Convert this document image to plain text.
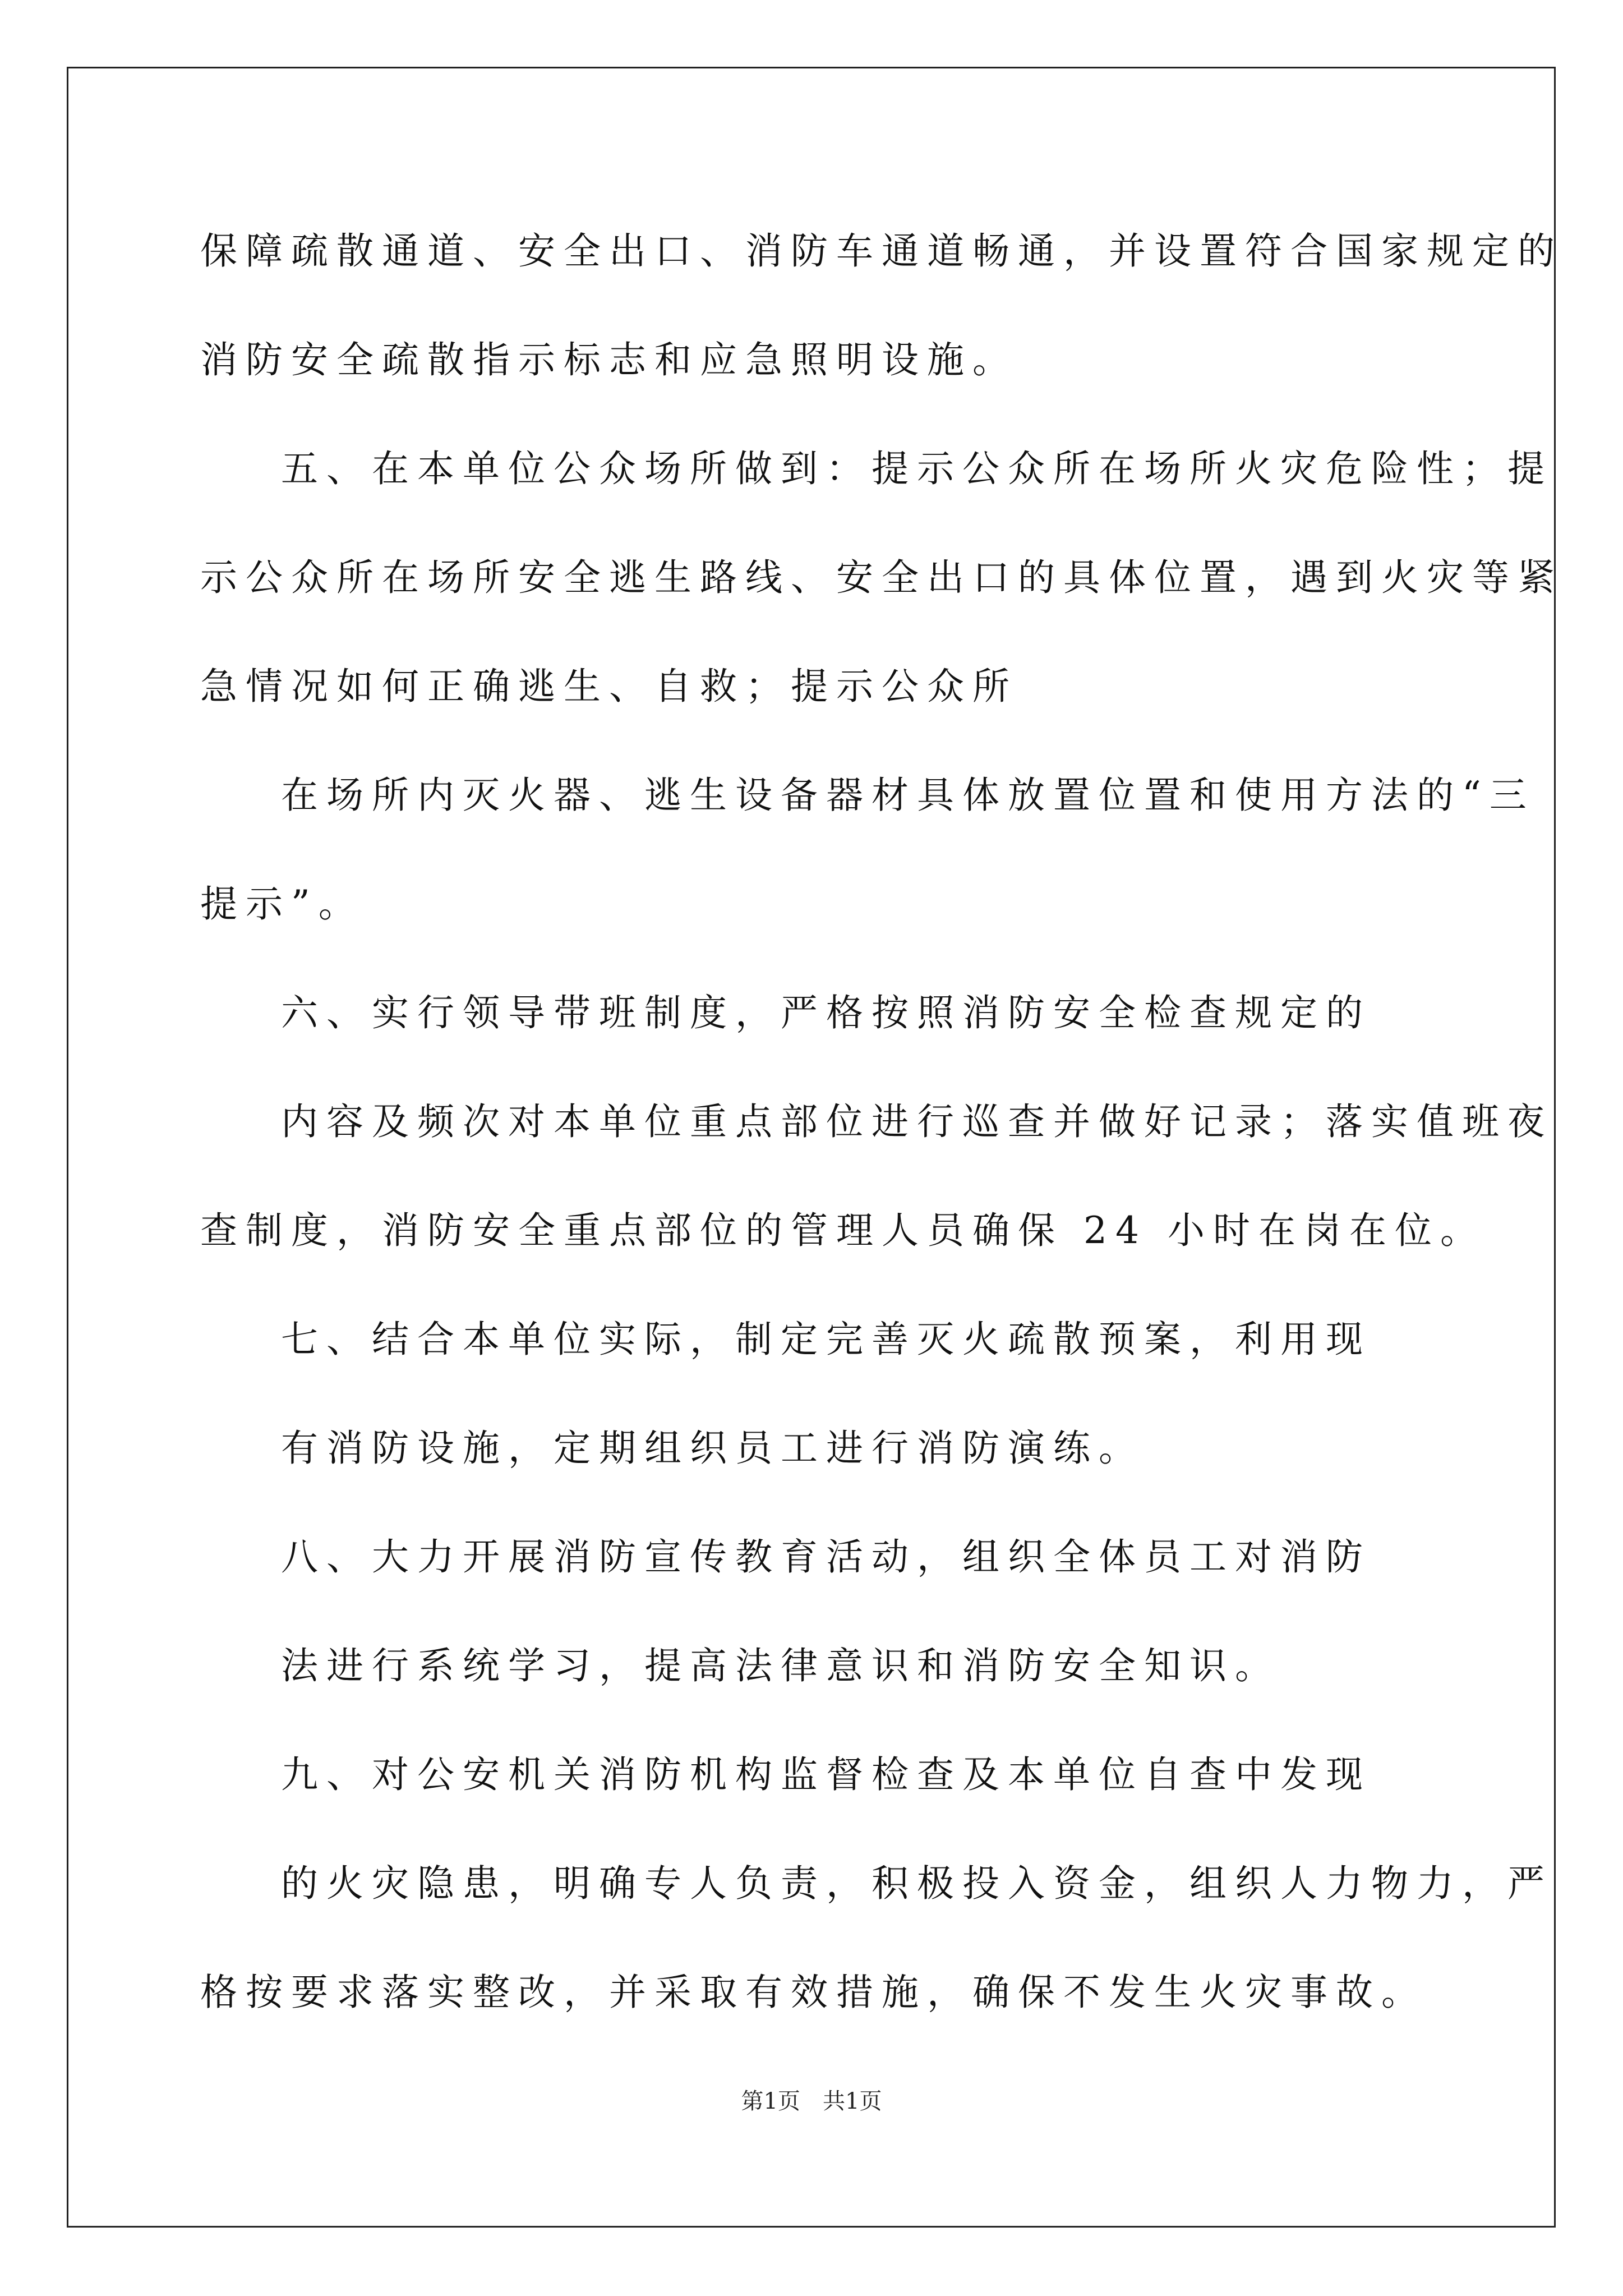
保障疏散通道、安全出口、消防车通道畅通，并设置符合国家规定的
消防安全疏散指示标志和应急照明设施。
五、在本单位公众场所做到：提示公众所在场所火灾危险性；提
示公众所在场所安全逃生路线、安全出口的具体位置，遇到火灾等紧
急情况如何正确逃生、自救；提示公众所
在场所内灭火器、逃生设备器材具体放置位置和使用方法的“三
提示”。
六、实行领导带班制度，严格按照消防安全检查规定的
内容及频次对本单位重点部位进行巡查并做好记录；落实值班夜
查制度，消防安全重点部位的管理人员确保 24 小时在岗在位。
七、结合本单位实际，制定完善灭火疏散预案，利用现
有消防设施，定期组织员工进行消防演练。
八、大力开展消防宣传教育活动，组织全体员工对消防
法进行系统学习，提高法律意识和消防安全知识。
九、对公安机关消防机构监督检查及本单位自查中发现
的火灾隐患，明确专人负责，积极投入资金，组织人力物力，严
格按要求落实整改，并采取有效措施，确保不发生火灾事故。
第1页　共1页
